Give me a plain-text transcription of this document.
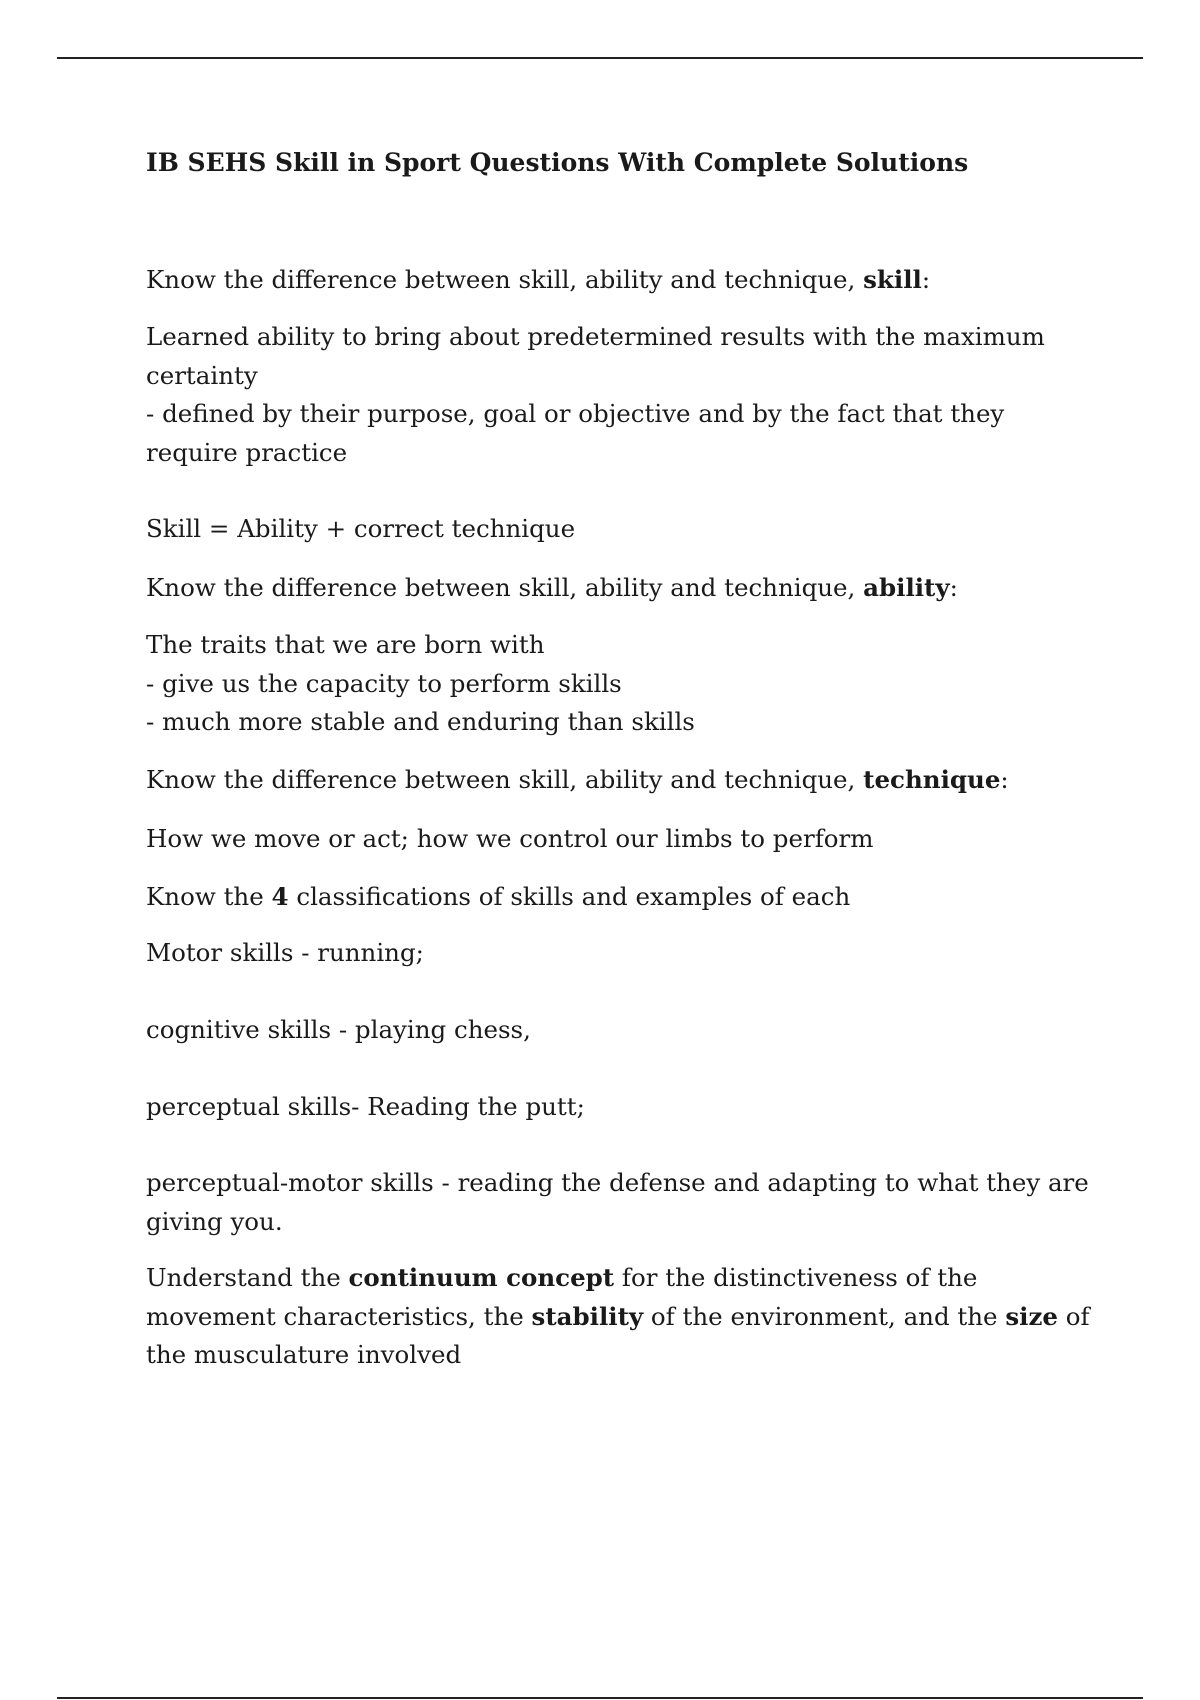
IB SEHS Skill in Sport Questions With Complete Solutions

Know the difference between skill, ability and technique, skill:

Learned ability to bring about predetermined results with the maximum
certainty
- defined by their purpose, goal or objective and by the fact that they
require practice

Skill = Ability + correct technique

Know the difference between skill, ability and technique, ability:

The traits that we are born with
- give us the capacity to perform skills
- much more stable and enduring than skills

Know the difference between skill, ability and technique, technique:

How we move or act; how we control our limbs to perform

Know the 4 classifications of skills and examples of each

Motor skills - running;

cognitive skills - playing chess,

perceptual skills- Reading the putt;

perceptual-motor skills - reading the defense and adapting to what they are
giving you.

Understand the continuum concept for the distinctiveness of the
movement characteristics, the stability of the environment, and the size of
the musculature involved
